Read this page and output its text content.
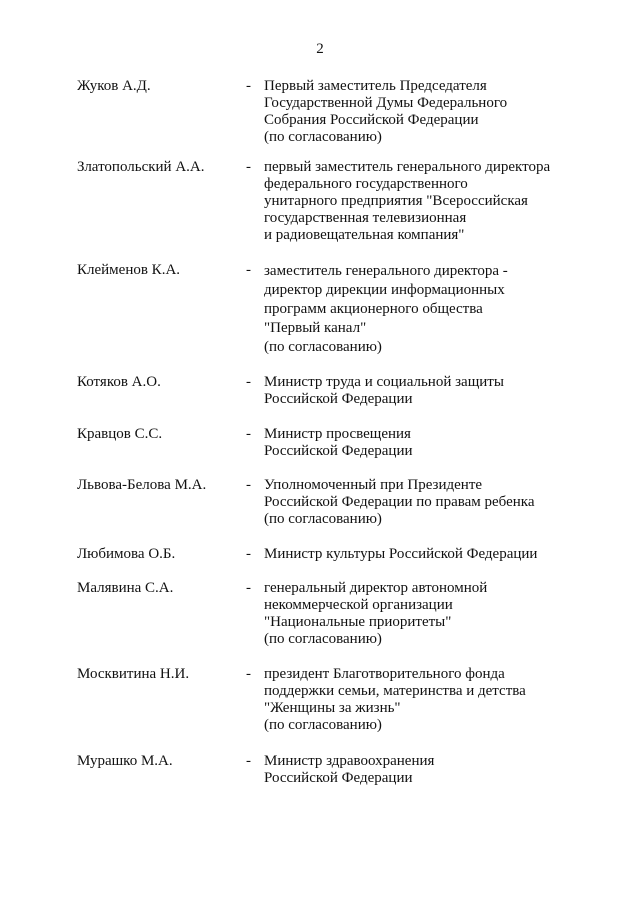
2
Жуков А.Д.	- Первый заместитель Председателя
Государственной Думы Федерального
Собрания Российской Федерации
(по согласованию)
Златопольский А.А.	- первый заместитель генерального директора
федерального государственного
унитарного предприятия "Всероссийская
государственная телевизионная
и радиовещательная компания"
Клейменов К.А.	- заместитель генерального директора -
директор дирекции информационных
программ акционерного общества
"Первый канал"
(по согласованию)
Котяков А.О.	- Министр труда и социальной защиты
Российской Федерации
Кравцов С.С.	- Министр просвещения
Российской Федерации
Львова-Белова М.А.	- Уполномоченный при Президенте
Российской Федерации по правам ребенка
(по согласованию)
Любимова О.Б.	- Министр культуры Российской Федерации
Малявина С.А.	- генеральный директор автономной
некоммерческой организации
"Национальные приоритеты"
(по согласованию)
Москвитина Н.И.	- президент Благотворительного фонда
поддержки семьи, материнства и детства
"Женщины за жизнь"
(по согласованию)
Мурашко М.А.	- Министр здравоохранения
Российской Федерации
